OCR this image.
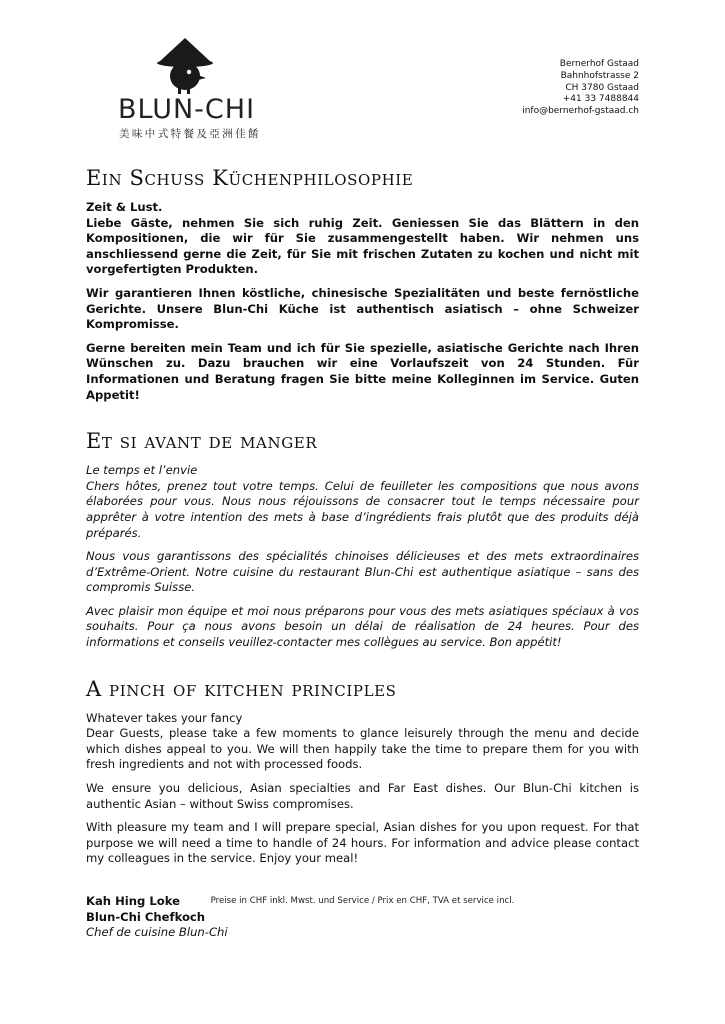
BLUN-CHI
美味中式特餐及亞洲佳餚
Bernerhof Gstaad
Bahnhofstrasse 2
CH 3780 Gstaad
+41 33 7488844
info@bernerhof-gstaad.ch
Ein Schuss Küchenphilosophie

Zeit & Lust.
Liebe Gäste, nehmen Sie sich ruhig Zeit. Geniessen Sie das Blättern in den Kompositionen, die wir für Sie zusammengestellt haben. Wir nehmen uns anschliessend gerne die Zeit, für Sie mit frischen Zutaten zu kochen und nicht mit vorgefertigten Produkten.

Wir garantieren Ihnen köstliche, chinesische Spezialitäten und beste fernöstliche Gerichte. Unsere Blun-Chi Küche ist authentisch asiatisch – ohne Schweizer Kompromisse.

Gerne bereiten mein Team und ich für Sie spezielle, asiatische Gerichte nach Ihren Wünschen zu. Dazu brauchen wir eine Vorlaufszeit von 24 Stunden. Für Informationen und Beratung fragen Sie bitte meine Kolleginnen im Service. Guten Appetit!

Et si avant de manger

Le temps et l’envie
Chers hôtes, prenez tout votre temps. Celui de feuilleter les compositions que nous avons élaborées pour vous. Nous nous réjouissons de consacrer tout le temps nécessaire pour apprêter à votre intention des mets à base d’ingrédients frais plutôt que des produits déjà préparés.

Nous vous garantissons des spécialités chinoises délicieuses et des mets extraordinaires d’Extrême-Orient. Notre cuisine du restaurant Blun-Chi est authentique asiatique – sans des compromis Suisse.

Avec plaisir mon équipe et moi nous préparons pour vous des mets asiatiques spéciaux à vos souhaits. Pour ça nous avons besoin un délai de réalisation de 24 heures. Pour des informations et conseils veuillez-contacter mes collègues au service. Bon appétit!

A pinch of kitchen principles

Whatever takes your fancy
Dear Guests, please take a few moments to glance leisurely through the menu and decide which dishes appeal to you. We will then happily take the time to prepare them for you with fresh ingredients and not with processed foods.

We ensure you delicious, Asian specialties and Far East dishes. Our Blun-Chi kitchen is authentic Asian – without Swiss compromises.

With pleasure my team and I will prepare special, Asian dishes for you upon request. For that purpose we will need a time to handle of 24 hours. For information and advice please contact my colleagues in the service. Enjoy your meal!

Kah Hing Loke
Blun-Chi Chefkoch
Chef de cuisine Blun-Chi
Preise in CHF inkl. Mwst. und Service / Prix en CHF, TVA et service incl.
